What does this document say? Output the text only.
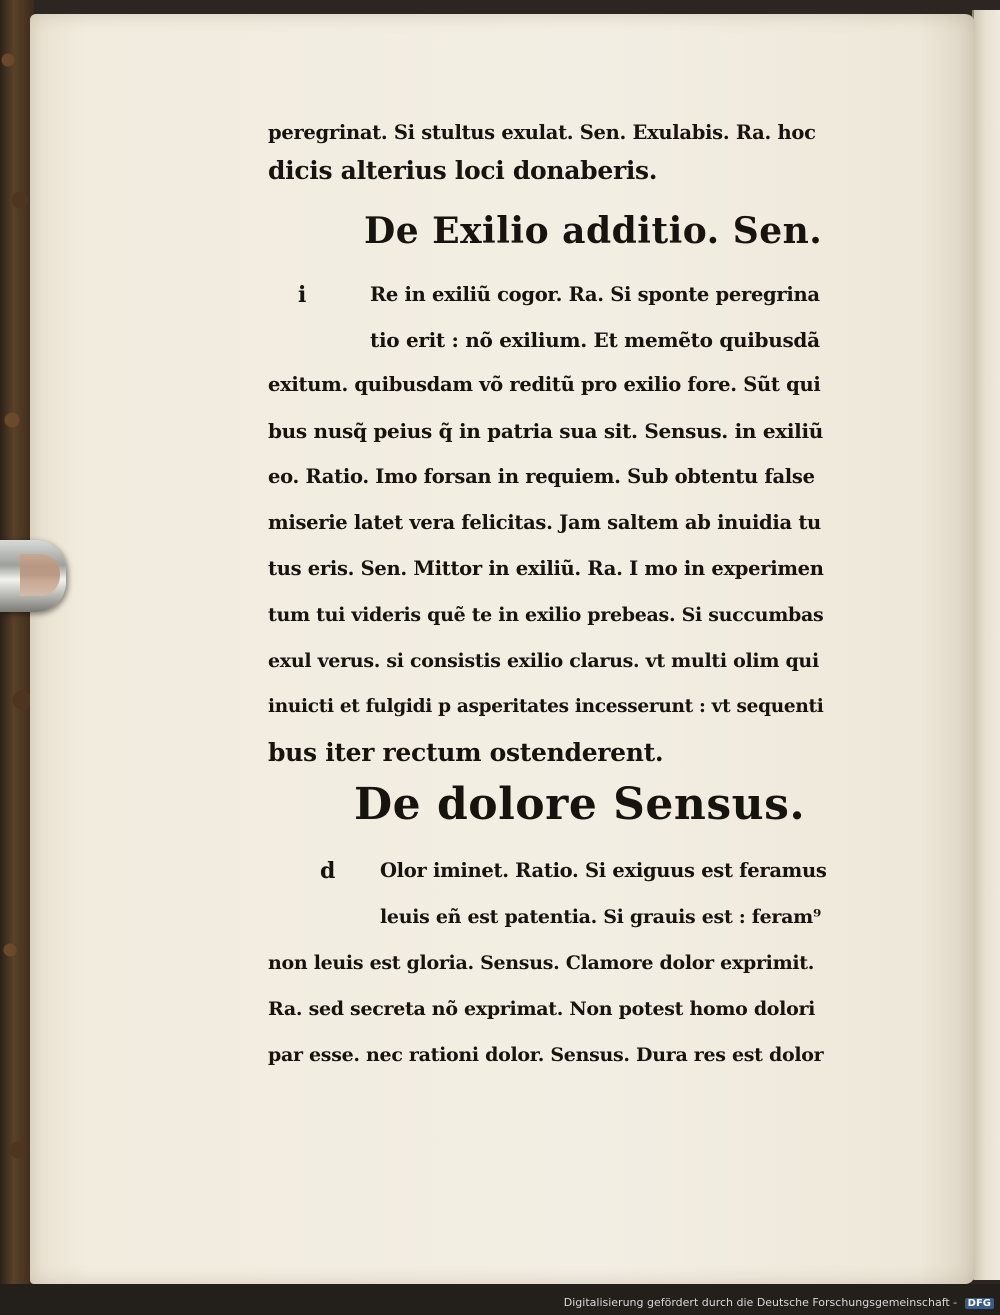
peregrinat. Si stultus exulat. Sen. Exulabis. Ra. hoc
dicis alterius loci donaberis.
De Exilio additio. Sen.
i	Re in exiliũ cogor. Ra. Si sponte peregrina
tio erit : nõ exilium. Et memẽto quibusdã
exitum. quibusdam võ reditũ pro exilio fore. Sũt qui
bus nusq̃ peius q̃ in patria sua sit. Sensus. in exiliũ
eo. Ratio. Imo forsan in requiem. Sub obtentu false
miserie latet vera felicitas. Jam saltem ab inuidia tu
tus eris. Sen. Mittor in exiliũ. Ra. I mo in experimen
tum tui videris quẽ te in exilio prebeas. Si succumbas
exul verus. si consistis exilio clarus. vt multi olim qui
inuicti et fulgidi p asperitates incesserunt : vt sequenti
bus iter rectum ostenderent.
De dolore Sensus.
d Olor iminet. Ratio. Si exiguus est feramus
leuis eñ est patentia. Si grauis est : feram⁹
non leuis est gloria. Sensus. Clamore dolor exprimit.
Ra. sed secreta nõ exprimat. Non potest homo dolori
par esse. nec rationi dolor. Sensus. Dura res est dolor
Digitalisierung gefördert durch die Deutsche Forschungsgemeinschaft - DFG
